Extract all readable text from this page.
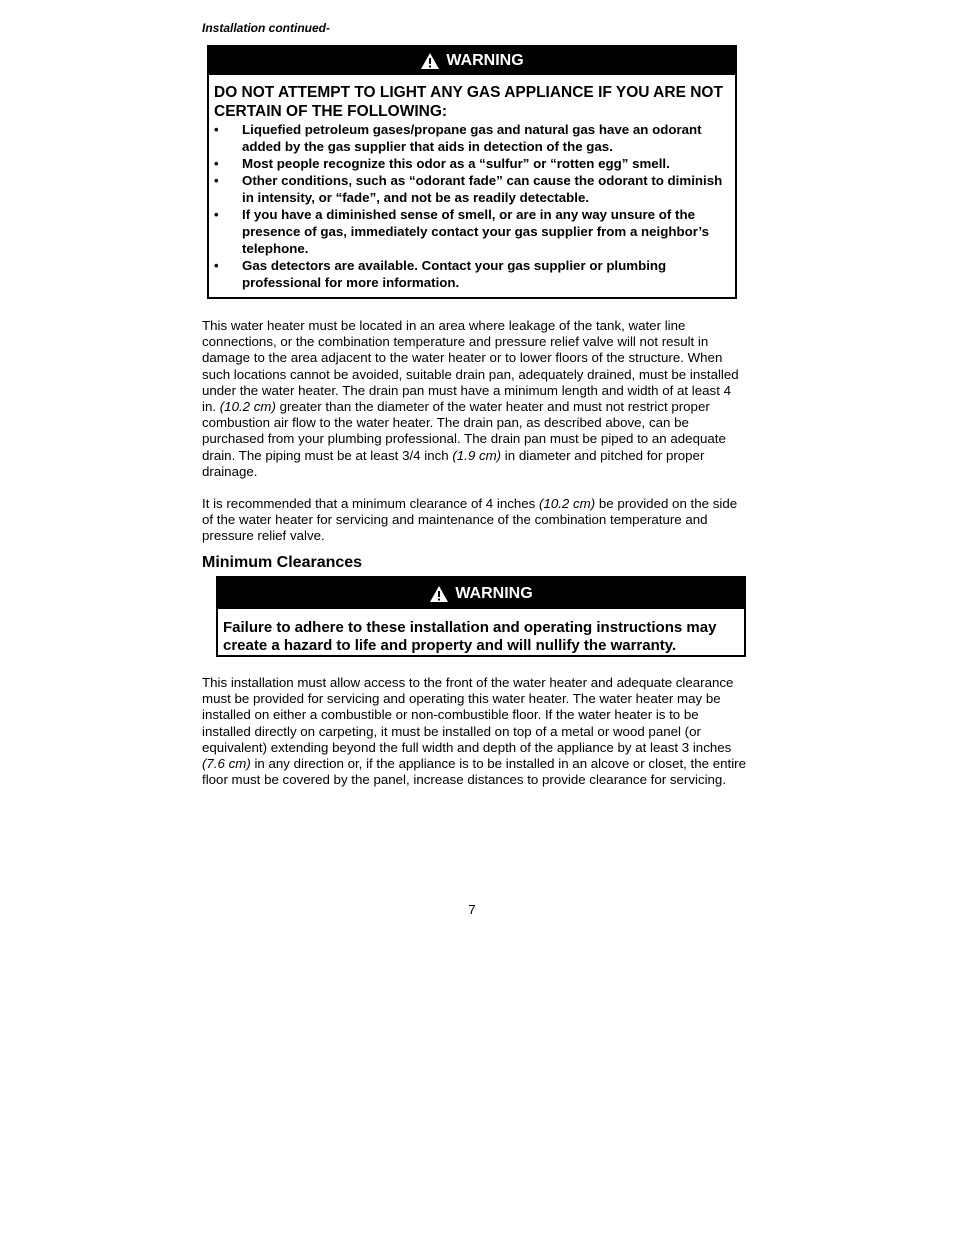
Installation continued-
WARNING

DO NOT ATTEMPT TO LIGHT ANY GAS APPLIANCE IF YOU ARE NOT CERTAIN OF THE FOLLOWING:

• Liquefied petroleum gases/propane gas and natural gas have an odorant added by the gas supplier that aids in detection of the gas.
• Most people recognize this odor as a “sulfur” or “rotten egg” smell.
• Other conditions, such as “odorant fade” can cause the odorant to diminish in intensity, or “fade”, and not be as readily detectable.
• If you have a diminished sense of smell, or are in any way unsure of the presence of gas, immediately contact your gas supplier from a neighbor’s telephone.
• Gas detectors are available. Contact your gas supplier or plumbing professional for more information.

This water heater must be located in an area where leakage of the tank, water line connections, or the combination temperature and pressure relief valve will not result in damage to the area adjacent to the water heater or to lower floors of the structure. When such locations cannot be avoided, suitable drain pan, adequately drained, must be installed under the water heater. The drain pan must have a minimum length and width of at least 4 in. (10.2 cm) greater than the diameter of the water heater and must not restrict proper combustion air flow to the water heater. The drain pan, as described above, can be purchased from your plumbing professional. The drain pan must be piped to an adequate drain. The piping must be at least 3/4 inch (1.9 cm) in diameter and pitched for proper drainage.

It is recommended that a minimum clearance of 4 inches (10.2 cm) be provided on the side of the water heater for servicing and maintenance of the combination temperature and pressure relief valve.

Minimum Clearances
WARNING
Failure to adhere to these installation and operating instructions may create a hazard to life and property and will nullify the warranty.

This installation must allow access to the front of the water heater and adequate clearance must be provided for servicing and operating this water heater. The water heater may be installed on either a combustible or non-combustible floor. If the water heater is to be installed directly on carpeting, it must be installed on top of a metal or wood panel (or equivalent) extending beyond the full width and depth of the appliance by at least 3 inches (7.6 cm) in any direction or, if the appliance is to be installed in an alcove or closet, the entire floor must be covered by the panel, increase distances to provide clearance for servicing.

7
